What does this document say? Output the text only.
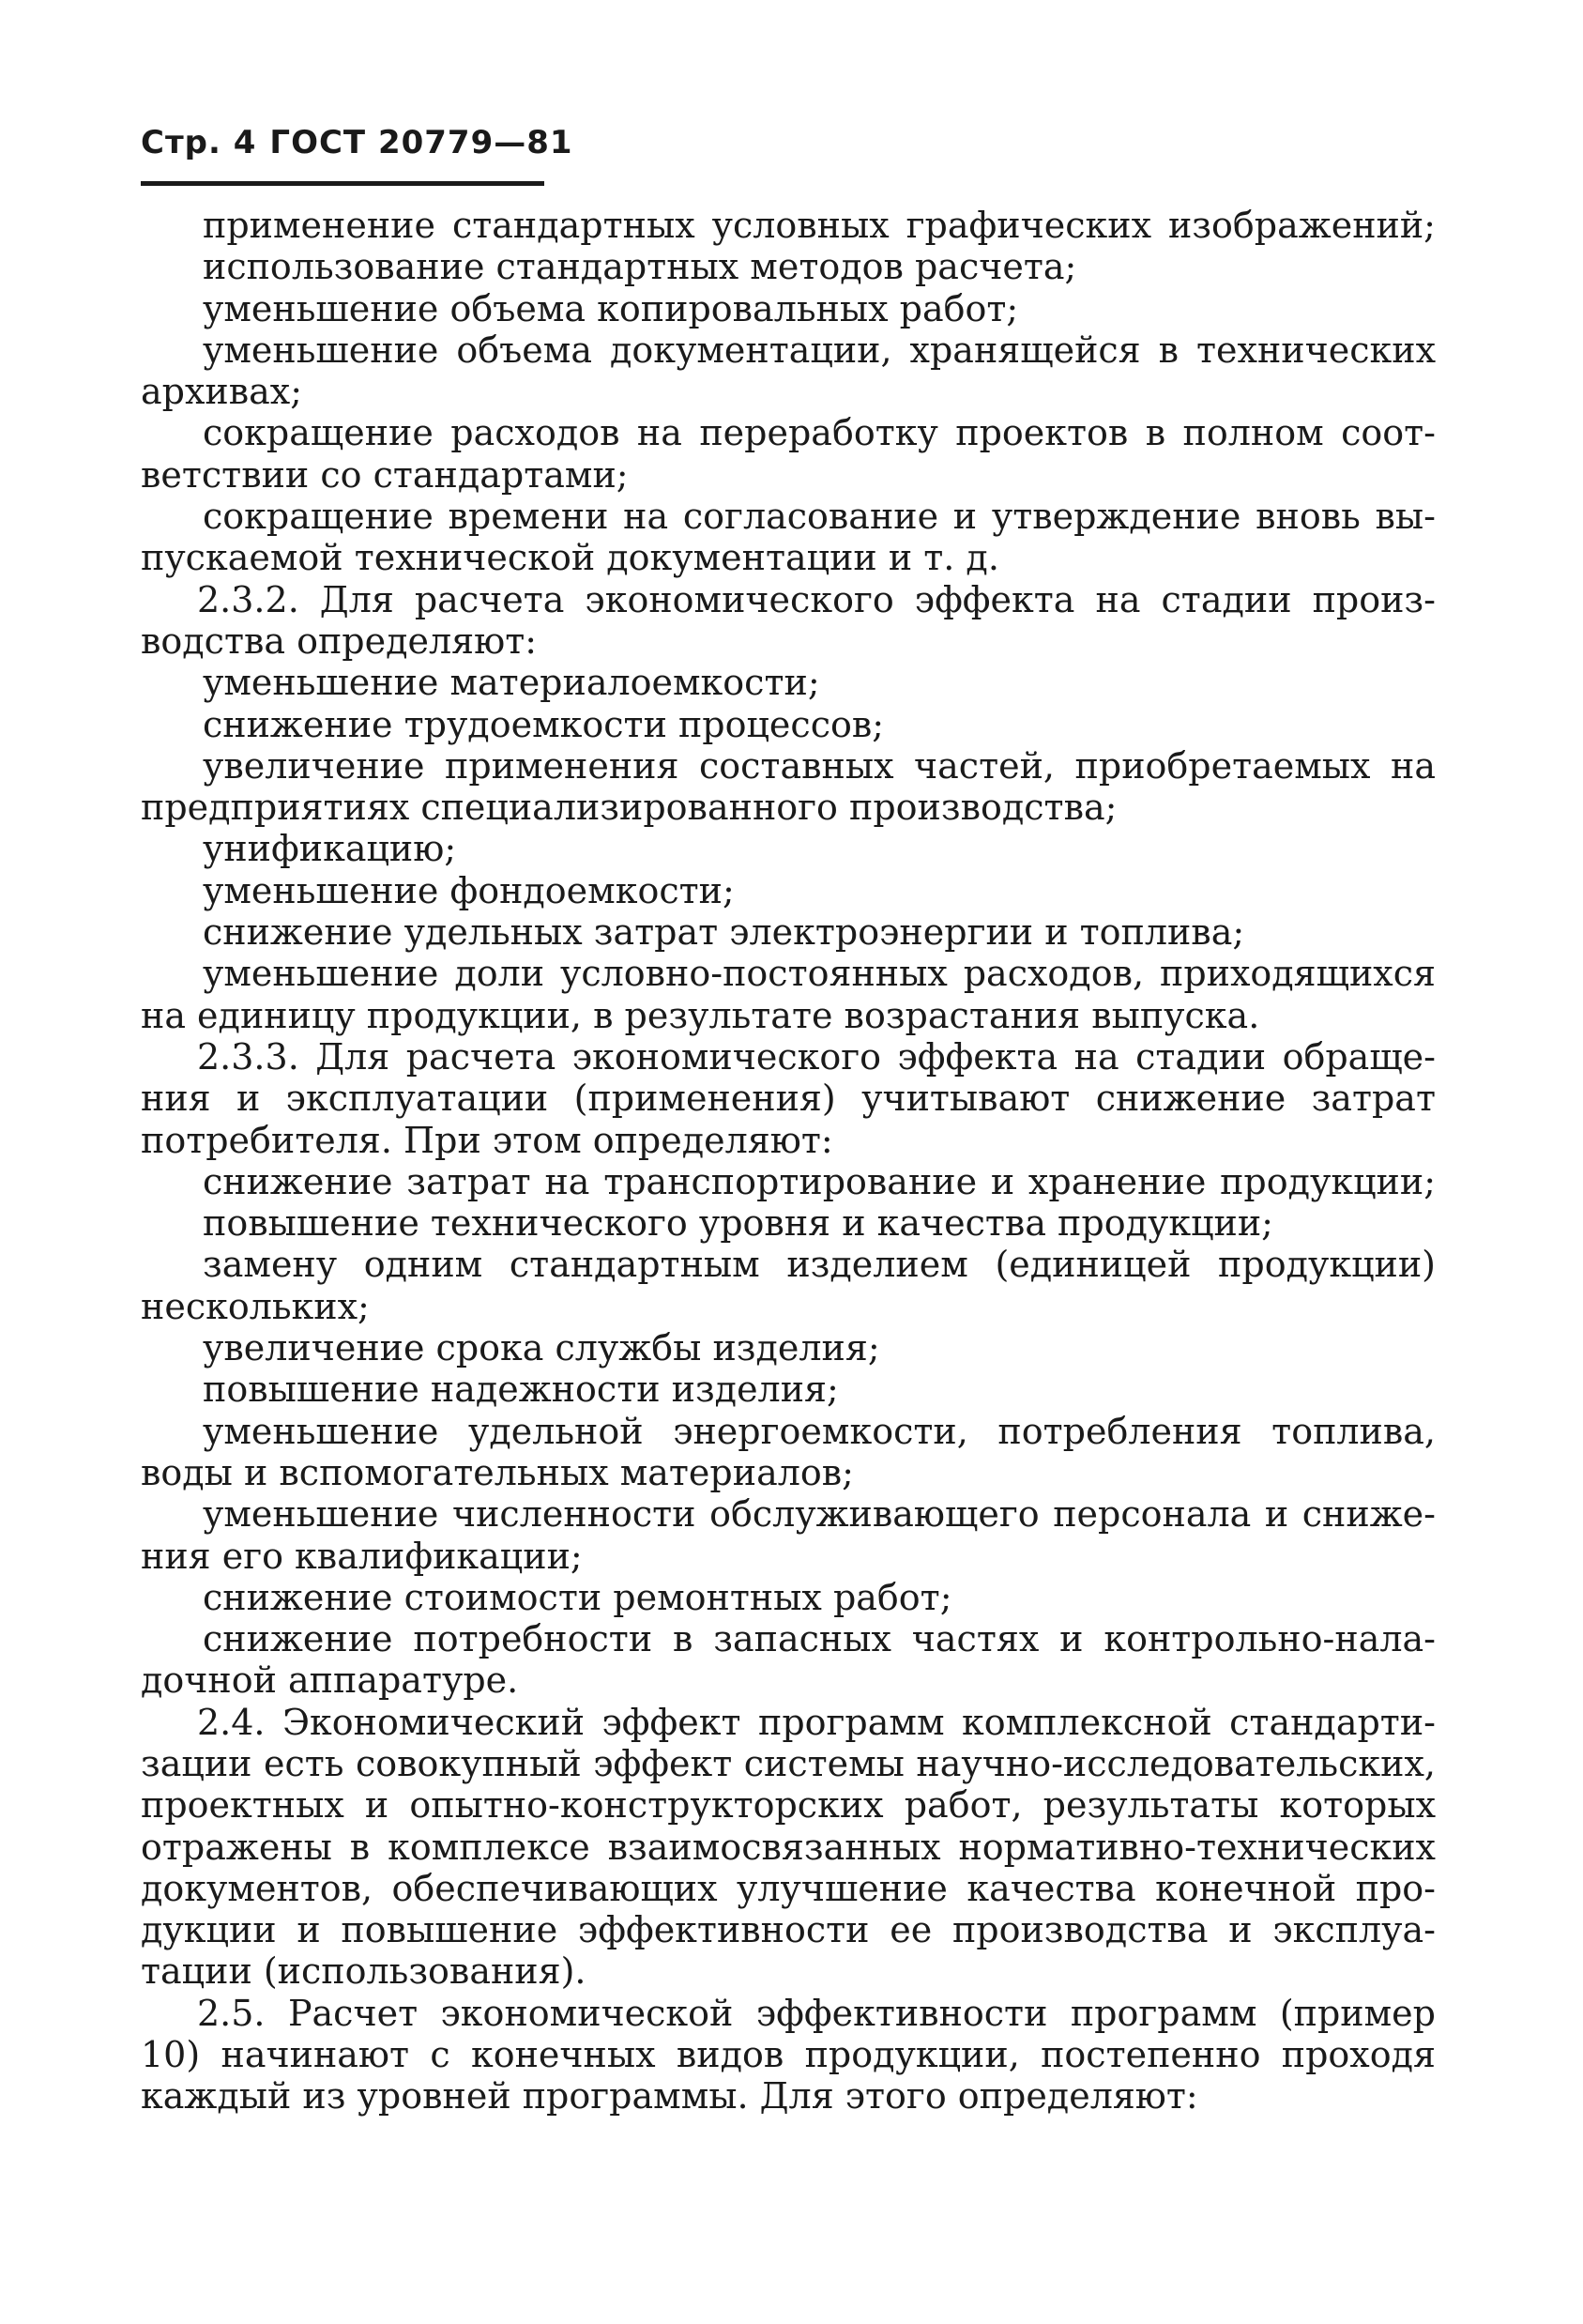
Стр. 4 ГОСТ 20779—81
применение стандартных условных графических изображений;
использование стандартных методов расчета;
уменьшение объема копировальных работ;
уменьшение объема документации, хранящейся в технических
архивах;
сокращение расходов на переработку проектов в полном соот-
ветствии со стандартами;
сокращение времени на согласование и утверждение вновь вы-
пускаемой технической документации и т. д.
2.3.2. Для расчета экономического эффекта на стадии произ-
водства определяют:
уменьшение материалоемкости;
снижение трудоемкости процессов;
увеличение применения составных частей, приобретаемых на
предприятиях специализированного производства;
унификацию;
уменьшение фондоемкости;
снижение удельных затрат электроэнергии и топлива;
уменьшение доли условно-постоянных расходов, приходящихся
на единицу продукции, в результате возрастания выпуска.
2.3.3. Для расчета экономического эффекта на стадии обраще-
ния и эксплуатации (применения) учитывают снижение затрат
потребителя. При этом определяют:
снижение затрат на транспортирование и хранение продукции;
повышение технического уровня и качества продукции;
замену одним стандартным изделием (единицей продукции)
нескольких;
увеличение срока службы изделия;
повышение надежности изделия;
уменьшение удельной энергоемкости, потребления топлива,
воды и вспомогательных материалов;
уменьшение численности обслуживающего персонала и сниже-
ния его квалификации;
снижение стоимости ремонтных работ;
снижение потребности в запасных частях и контрольно-нала-
дочной аппаратуре.
2.4. Экономический эффект программ комплексной стандарти-
зации есть совокупный эффект системы научно-исследовательских,
проектных и опытно-конструкторских работ, результаты которых
отражены в комплексе взаимосвязанных нормативно-технических
документов, обеспечивающих улучшение качества конечной про-
дукции и повышение эффективности ее производства и эксплуа-
тации (использования).
2.5. Расчет экономической эффективности программ (пример
10) начинают с конечных видов продукции, постепенно проходя
каждый из уровней программы. Для этого определяют:
